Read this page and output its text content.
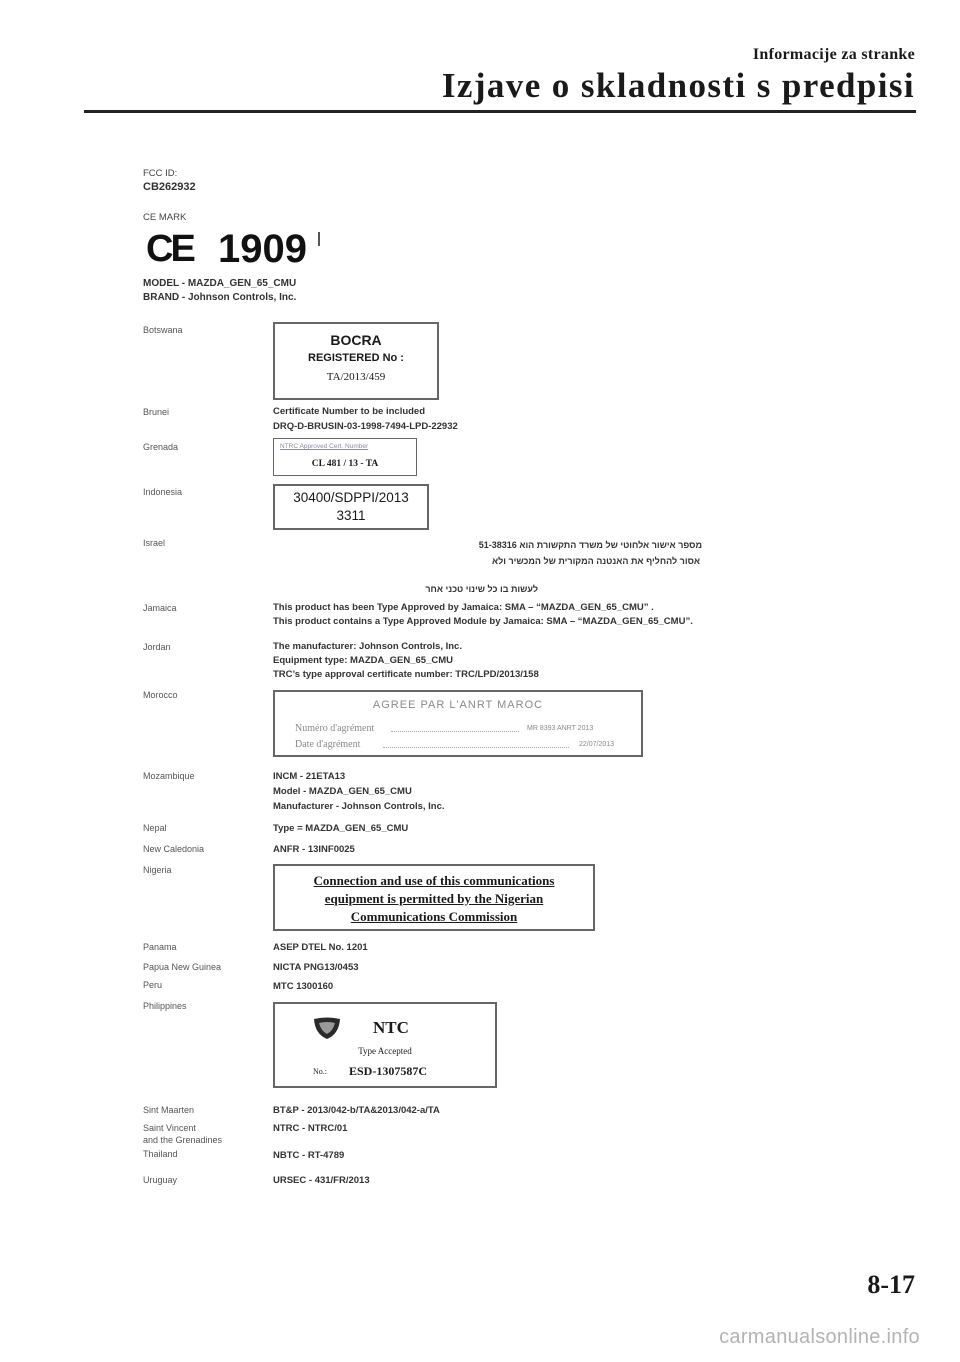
Informacije za stranke
Izjave o skladnosti s predpisi
FCC ID:
CB262932
CE MARK
CE 1909
MODEL - MAZDA_GEN_65_CMU
BRAND - Johnson Controls, Inc.
Botswana
BOCRA
REGISTERED No :
TA/2013/459
Brunei	Certificate Number to be included
DRQ-D-BRUSIN-03-1998-7494-LPD-22932
Grenada	NTRC Approved Cert. Number
CL 481 / 13 - TA
Indonesia	30400/SDPPI/2013
3311
Israel	מספר אישור אלחוטי של משרד התקשורת הוא 51-38316
אסור להחליף את האנטנה המקורית של המכשיר ולא
לעשות בו כל שינוי טכני אחר
Jamaica	This product has been Type Approved by Jamaica: SMA – “MAZDA_GEN_65_CMU” .
This product contains a Type Approved Module by Jamaica: SMA – “MAZDA_GEN_65_CMU”.
Jordan	The manufacturer: Johnson Controls, Inc.
Equipment type: MAZDA_GEN_65_CMU
TRC’s type approval certificate number: TRC/LPD/2013/158
Morocco
AGREE PAR L'ANRT MAROC
Numéro d'agrément	MR 8393 ANRT 2013
Date d'agrément	22/07/2013
Mozambique	INCM - 21ETA13
Model - MAZDA_GEN_65_CMU
Manufacturer - Johnson Controls, Inc.
Nepal	Type = MAZDA_GEN_65_CMU
New Caledonia	ANFR - 13INF0025
Nigeria
Connection and use of this communications
equipment is permitted by the Nigerian
Communications Commission
Panama	ASEP DTEL No. 1201
Papua New Guinea	NICTA PNG13/0453
Peru	MTC 1300160
Philippines
NTC
Type Accepted
No.: ESD-1307587C
Sint Maarten	BT&P - 2013/042-b/TA&2013/042-a/TA
Saint Vincent
and the Grenadines
NTRC - NTRC/01
Thailand	NBTC - RT-4789
Uruguay	URSEC - 431/FR/2013
8-17
carmanualsonline.info
